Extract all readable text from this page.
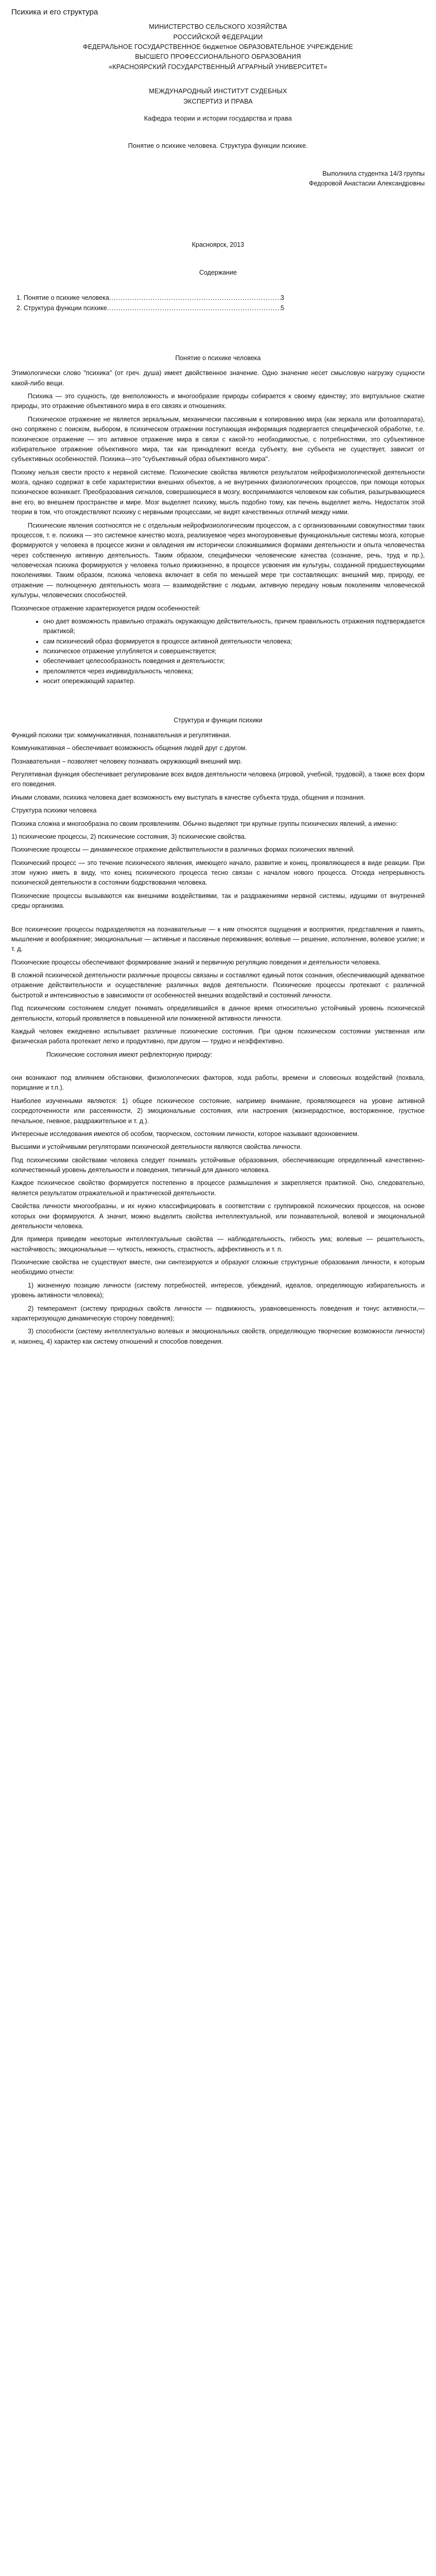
Психика и его структура

МИНИСТЕРСТВО СЕЛЬСКОГО ХОЗЯЙСТВА

РОССИЙСКОЙ ФЕДЕРАЦИИ

ФЕДЕРАЛЬНОЕ ГОСУДАРСТВЕННОЕ бюджетное ОБРАЗОВАТЕЛЬНОЕ УЧРЕЖДЕНИЕ

ВЫСШЕГО ПРОФЕССИОНАЛЬНОГО ОБРАЗОВАНИЯ

«КРАСНОЯРСКИЙ ГОСУДАРСТВЕННЫЙ АГРАРНЫЙ УНИВЕРСИТЕТ»

МЕЖДУНАРОДНЫЙ ИНСТИТУТ СУДЕБНЫХ

ЭКСПЕРТИЗ И ПРАВА

Кафедра теории и истории государства и права

Понятие о психике человека. Структура функции психике.

Выполнила студентка 14/3 группы

Федоровой Анастасии Александровны

Красноярск, 2013

Содержание
1. Понятие о психике человека .....	3
2. Структура функции психике .....	5
Понятие о психике человека

Этимологически слово "психика" (от греч. душа) имеет двойственное значение. Одно значение несет смысловую нагрузку сущности какой-либо вещи.

Психика — это сущность, где внеположность и многообразие природы собирается к своему единству; это виртуальное сжатие природы, это отражение объективного мира в его связях и отношениях.

Психическое отражение не является зеркальным, механически пассивным к копированию мира (как зеркала или фотоаппарата), оно сопряжено с поиском, выбором, в психическом отражении поступающая информация подвергается специфической обработке, т.е. психическое отражение — это активное отражение мира в связи с какой-то необходимостью, с потребностями, это субъективное избирательное отражение объективного мира, так как принадлежит всегда субъекту, вне субъекта не существует, зависит от субъективных особенностей. Психика—это "субъективный образ объективного мира".

Психику нельзя свести просто к нервной системе. Психические свойства являются результатом нейрофизиологической деятельности мозга, однако содержат в себе характеристики внешних объектов, а не внутренних физиологических процессов, при помощи которых психическое возникает. Преобразования сигналов, совершающиеся в мозгу, воспринимаются человеком как события, разыгрывающиеся вне его, во внешнем пространстве и мире. Мозг выделяет психику, мысль подобно тому, как печень выделяет желчь. Недостаток этой теории в том, что отождествляют психику с нервными процессами, не видят качественных отличий между ними.

Психические явления соотносятся не с отдельным нейрофизиологическим процессом, а с организованными совокупностями таких процессов, т. е. психика — это системное качество мозга, реализуемое через многоуровневые функциональные системы мозга, которые формируются у человека в процессе жизни и овладения им исторически сложившимися формами деятельности и опыта человечества через собственную активную деятельность. Таким образом, специфически человеческие качества (сознание, речь, труд и пр.), человеческая психика формируются у человека только прижизненно, в процессе усвоения им культуры, созданной предшествующими поколениями. Таким образом, психика человека включает в себя по меньшей мере три составляющих: внешний мир, природу, ее отражение — полноценную деятельность мозга — взаимодействие с людьми, активную передачу новым поколениям человеческой культуры, человеческих способностей.

Психическое отражение характеризуется рядом особенностей:

• оно дает возможность правильно отражать окружающую действительность, причем правильность отражения подтверждается практикой;
• сам психический образ формируется в процессе активной деятельности человека;
• психическое отражение углубляется и совершенствуется;
• обеспечивает целесообразность поведения и деятельности;
• преломляется через индивидуальность человека;
• носит опережающий характер.
Структура и функции психики

Функций психики три: коммуникативная, познавательная и регулятивная.

Коммуникативная – обеспечивает возможность общения людей друг с другом.

Познавательная – позволяет человеку познавать окружающий внешний мир.

Регулятивная функция обеспечивает регулирование всех видов деятельности человека (игровой, учебной, трудовой), а также всех форм его поведения.

Иными словами, психика человека дает возможность ему выступать в качестве субъекта труда, общения и познания.

Структура психики человека

Психика сложна и многообразна по своим проявлениям. Обычно выделяют три крупные группы психических явлений, а именно:

1) психические процессы, 2) психические состояния, 3) психические свойства.

Психические процессы — динамическое отражение действительности в различных формах психических явлений.

Психический процесс — это течение психического явления, имеющего начало, развитие и конец, проявляющееся в виде реакции. При этом нужно иметь в виду, что конец психического процесса тесно связан с началом нового процесса. Отсюда непрерывность психической деятельности в состоянии бодрствования человека.

Психические процессы вызываются как внешними воздействиями, так и раздражениями нервной системы, идущими от внутренней среды организма.

Все психические процессы подразделяются на познавательные — к ним относятся ощущения и восприятия, представления и память, мышление и воображение; эмоциональные — активные и пассивные переживания; волевые — решение, исполнение, волевое усилие; и т. д.

Психические процессы обеспечивают формирование знаний и первичную регуляцию поведения и деятельности человека.

В сложной психической деятельности различные процессы связаны и составляют единый поток сознания, обеспечивающий адекватное отражение действительности и осуществление различных видов деятельности. Психические процессы протекают с различной быстротой и интенсивностью в зависимости от особенностей внешних воздействий и состояний личности.

Под психическим состоянием следует понимать определившийся в данное время относительно устойчивый уровень психической деятельности, который проявляется в повышенной или пониженной активности личности.

Каждый человек ежедневно испытывает различные психические состояния. При одном психическом состоянии умственная или физическая работа протекает легко и продуктивно, при другом — трудно и неэффективно.

Психические состояния имеют рефлекторную природу:

они возникают под влиянием обстановки, физиологических факторов, хода работы, времени и словесных воздействий (похвала, порицание и т.п.).

Наиболее изученными являются: 1) общее психическое состояние, например внимание, проявляющееся на уровне активной сосредоточенности или рассеянности, 2) эмоциональные состояния, или настроения (жизнерадостное, восторженное, грустное печальное, гневное, раздражительное и т. д.).

Интересные исследования имеются об особом, творческом, состоянии личности, которое называют вдохновением.

Высшими и устойчивыми регуляторами психической деятельности являются свойства личности.

Под психическими свойствами человека следует понимать устойчивые образования, обеспечивающие определенный качественно-количественный уровень деятельности и поведения, типичный для данного человека.

Каждое психическое свойство формируется постепенно в процессе размышления и закрепляется практикой. Оно, следовательно, является результатом отражательной и практической деятельности.

Свойства личности многообразны, и их нужно классифицировать в соответствии с группировкой психических процессов, на основе которых они формируются. А значит, можно выделить свойства интеллектуальной, или познавательной, волевой и эмоциональной деятельности человека.

Для примера приведем некоторые интеллектуальные свойства — наблюдательность, гибкость ума; волевые — решительность, настойчивость; эмоциональные — чуткость, нежность, страстность, аффективность и т. п.

Психические свойства не существуют вместе, они синтезируются и образуют сложные структурные образования личности, к которым необходимо отнести:

1) жизненную позицию личности (систему потребностей, интересов, убеждений, идеалов, определяющую избирательность и уровень активности человека);

2) темперамент (систему природных свойств личности — подвижность, уравновешенность поведения и тонус активности,— характеризующую динамическую сторону поведения);

3) способности (систему интеллектуально волевых и эмоциональных свойств, определяющую творческие возможности личности) и, наконец, 4) характер как систему отношений и способов поведения.
